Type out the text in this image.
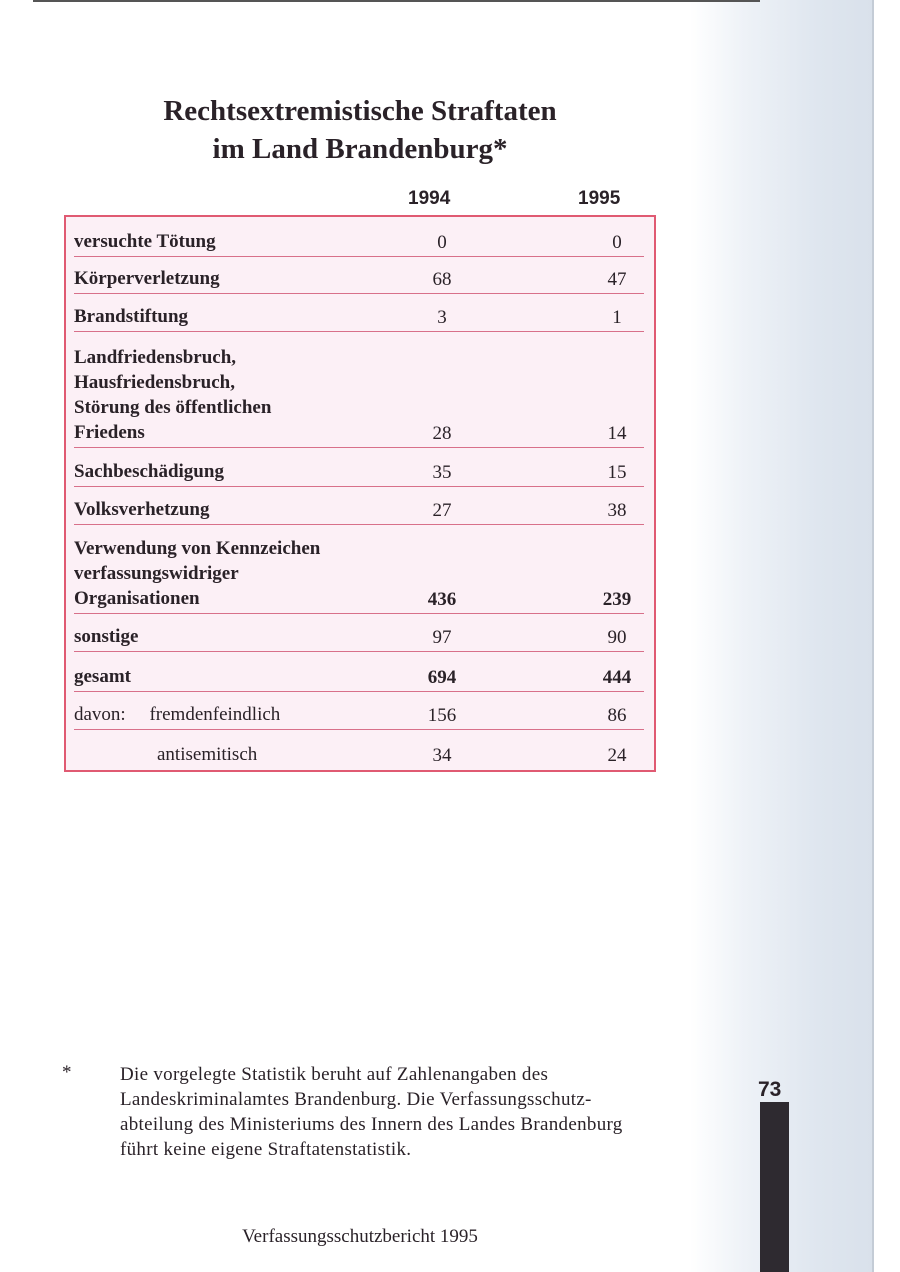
Rechtsextremistische Straftaten
im Land Brandenburg*
1994	1995
versuchte Tötung	0	0
Körperverletzung	68	47
Brandstiftung	3	1
Landfriedensbruch,
Hausfriedensbruch,
Störung des öffentlichen
Friedens	28	14
Sachbeschädigung	35	15
Volksverhetzung	27	38
Verwendung von Kennzeichen
verfassungswidriger
Organisationen	436	239
sonstige	97	90
gesamt	694	444
davon:     fremdenfeindlich	156	86
antisemitisch	34	24
*	Die vorgelegte Statistik beruht auf Zahlenangaben des Landeskriminalamtes Brandenburg. Die Verfassungsschutz-abteilung des Ministeriums des Innern des Landes Brandenburg führt keine eigene Straftatenstatistik.
73
Verfassungsschutzbericht 1995
